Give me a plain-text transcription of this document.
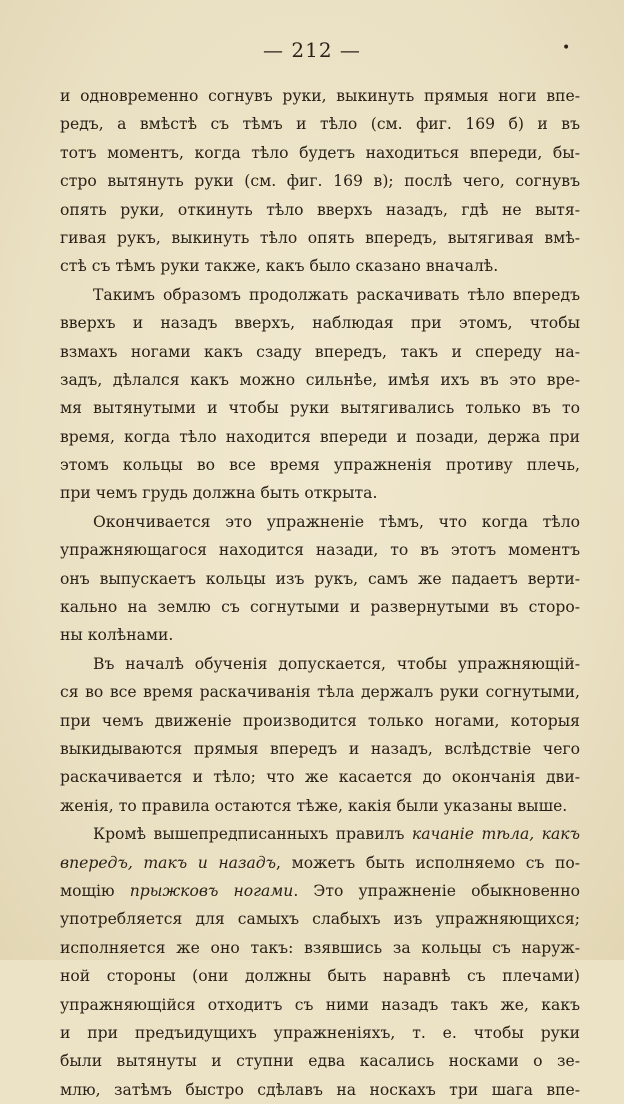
— 212 —	•
и одновременно согнувъ руки, выкинуть прямыя ноги впе-
редъ, а вмѣстѣ съ тѣмъ и тѣло (см. фиг. 169 б) и въ
тотъ моментъ, когда тѣло будетъ находиться впереди, бы-
стро вытянуть руки (см. фиг. 169 в); послѣ чего, согнувъ
опять руки, откинуть тѣло вверхъ назадъ, гдѣ не вытя-
гивая рукъ, выкинуть тѣло опять впередъ, вытягивая вмѣ-
стѣ съ тѣмъ руки также, какъ было сказано вначалѣ.
Такимъ образомъ продолжать раскачивать тѣло впередъ
вверхъ и назадъ вверхъ, наблюдая при этомъ, чтобы
взмахъ ногами какъ сзаду впередъ, такъ и спереду на-
задъ, дѣлался какъ можно сильнѣе, имѣя ихъ въ это вре-
мя вытянутыми и чтобы руки вытягивались только въ то
время, когда тѣло находится впереди и позади, держа при
этомъ кольцы во все время упражненія противу плечь,
при чемъ грудь должна быть открыта.
Окончивается это упражненіе тѣмъ, что когда тѣло
упражняющагося находится назади, то въ этотъ моментъ
онъ выпускаетъ кольцы изъ рукъ, самъ же падаетъ верти-
кально на землю съ согнутыми и развернутыми въ сторо-
ны колѣнами.
Въ началѣ обученія допускается, чтобы упражняющій-
ся во все время раскачиванія тѣла держалъ руки согнутыми,
при чемъ движеніе производится только ногами, которыя
выкидываются прямыя впередъ и назадъ, вслѣдствіе чего
раскачивается и тѣло; что же касается до окончанія дви-
женія, то правила остаются тѣже, какія были указаны выше.
Кромѣ вышепредписанныхъ правилъ качаніе тѣла, какъ
впередъ, такъ и назадъ, можетъ быть исполняемо съ по-
мощію прыжковъ ногами. Это упражненіе обыкновенно
употребляется для самыхъ слабыхъ изъ упражняющихся;
исполняется же оно такъ: взявшись за кольцы съ наруж-
ной стороны (они должны быть наравнѣ съ плечами)
упражняющійся отходитъ съ ними назадъ такъ же, какъ
и при предъидущихъ упражненіяхъ, т. е. чтобы руки
были вытянуты и ступни едва касались носками о зе-
млю, затѣмъ быстро сдѣлавъ на носкахъ три шага впе-
